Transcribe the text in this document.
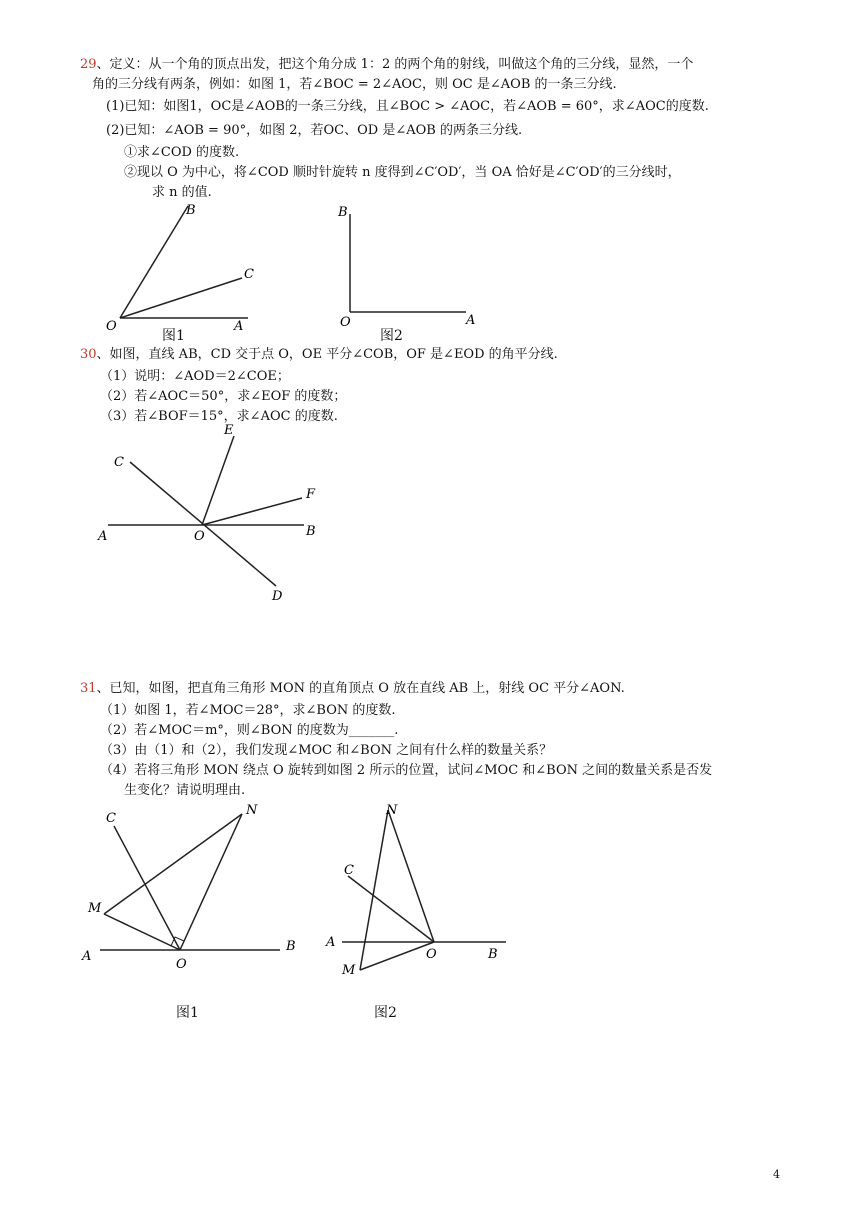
29、定义：从一个角的顶点出发，把这个角分成 1：2 的两个角的射线，叫做这个角的三分线，显然，一个
角的三分线有两条，例如：如图 1，若∠BOC = 2∠AOC，则 OC 是∠AOB 的一条三分线.
(1)已知：如图1，OC是∠AOB的一条三分线，且∠BOC > ∠AOC，若∠AOB = 60°，求∠AOC的度数.
(2)已知：∠AOB = 90°，如图 2，若OC、OD 是∠AOB 的两条三分线.
①求∠COD 的度数.
②现以 O 为中心，将∠COD 顺时针旋转 n 度得到∠C′OD′，当 OA 恰好是∠C′OD′的三分线时，
求 n 的值.
B
C
O	A
图1
B
O	A
图2
30、如图，直线 AB，CD 交于点 O，OE 平分∠COB，OF 是∠EOD 的角平分线.
（1）说明：∠AOD＝2∠COE；
（2）若∠AOC＝50°，求∠EOF 的度数；
（3）若∠BOF＝15°，求∠AOC 的度数.
E
C
F
A	O	B
D
31、已知，如图，把直角三角形 MON 的直角顶点 O 放在直线 AB 上，射线 OC 平分∠AON.
（1）如图 1，若∠MOC＝28°，求∠BON 的度数.
（2）若∠MOC＝m°，则∠BON 的度数为_______.
（3）由（1）和（2），我们发现∠MOC 和∠BON 之间有什么样的数量关系？
（4）若将三角形 MON 绕点 O 旋转到如图 2 所示的位置，试问∠MOC 和∠BON 之间的数量关系是否发
生变化？请说明理由.
C
N
M
A
O
B
图1
N
C
A
O	B
M
图2
4
